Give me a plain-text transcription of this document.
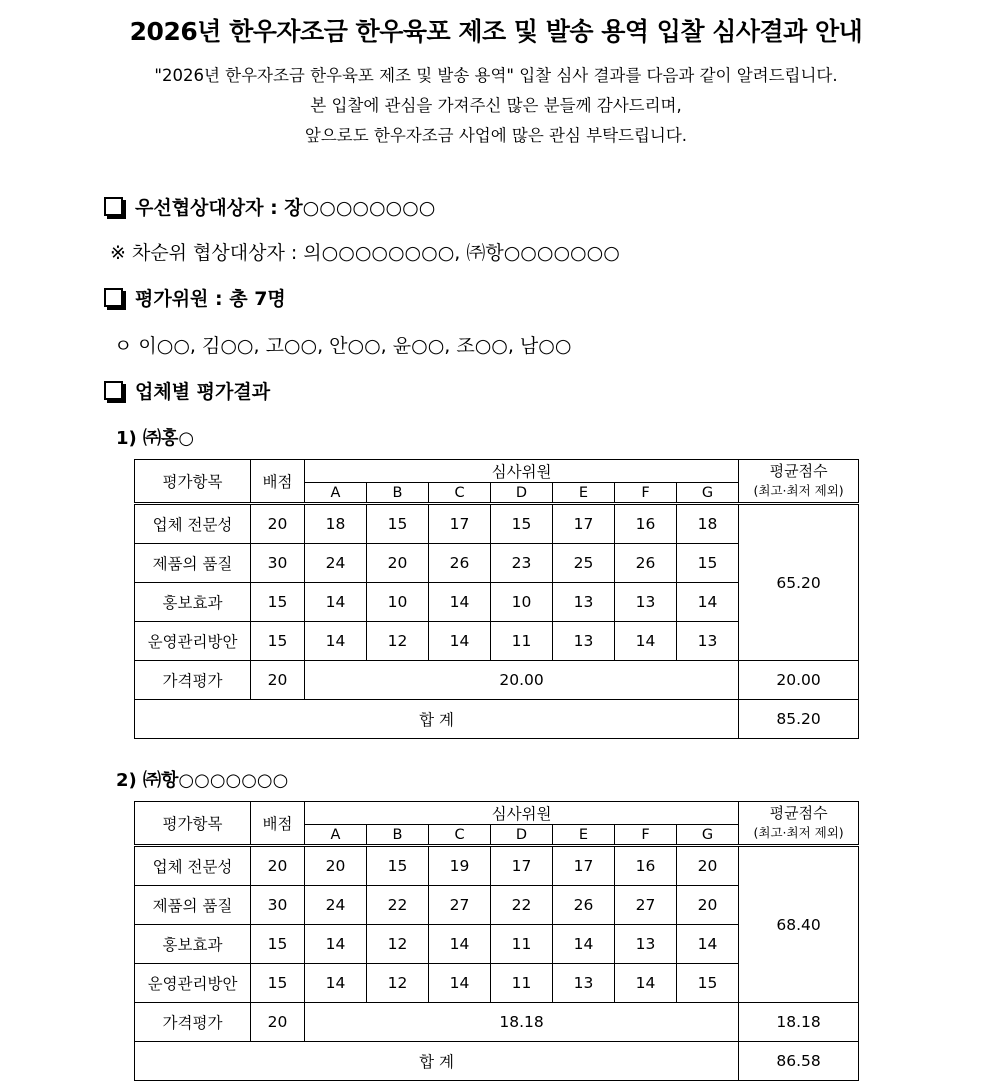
2026년 한우자조금 한우육포 제조 및 발송 용역 입찰 심사결과 안내
"2026년 한우자조금 한우육포 제조 및 발송 용역" 입찰 심사 결과를 다음과 같이 알려드립니다.
본 입찰에 관심을 가져주신 많은 분들께 감사드리며,
앞으로도 한우자조금 사업에 많은 관심 부탁드립니다.
우선협상대상자 : 장○○○○○○○○
※ 차순위 협상대상자 : 의○○○○○○○○, ㈜항○○○○○○○
평가위원 : 총 7명
ㅇ 이○○, 김○○, 고○○, 안○○, 윤○○, 조○○, 남○○
업체별 평가결과
1) ㈜홍○
평가항목	배점	심사위원							평균점수
(최고·최저 제외)
		A	B	C	D	E	F	G	
업체 전문성	20	18	15	17	15	17	16	18	65.20
제품의 품질	30	24	20	26	23	25	26	15	
홍보효과	15	14	10	14	10	13	13	14	
운영관리방안	15	14	12	14	11	13	14	13	
가격평가	20	20.00							20.00
합 계									85.20
2) ㈜항○○○○○○○
평가항목	배점	심사위원							평균점수
(최고·최저 제외)
		A	B	C	D	E	F	G	
업체 전문성	20	20	15	19	17	17	16	20	68.40
제품의 품질	30	24	22	27	22	26	27	20	
홍보효과	15	14	12	14	11	14	13	14	
운영관리방안	15	14	12	14	11	13	14	15	
가격평가	20	18.18							18.18
합 계									86.58
